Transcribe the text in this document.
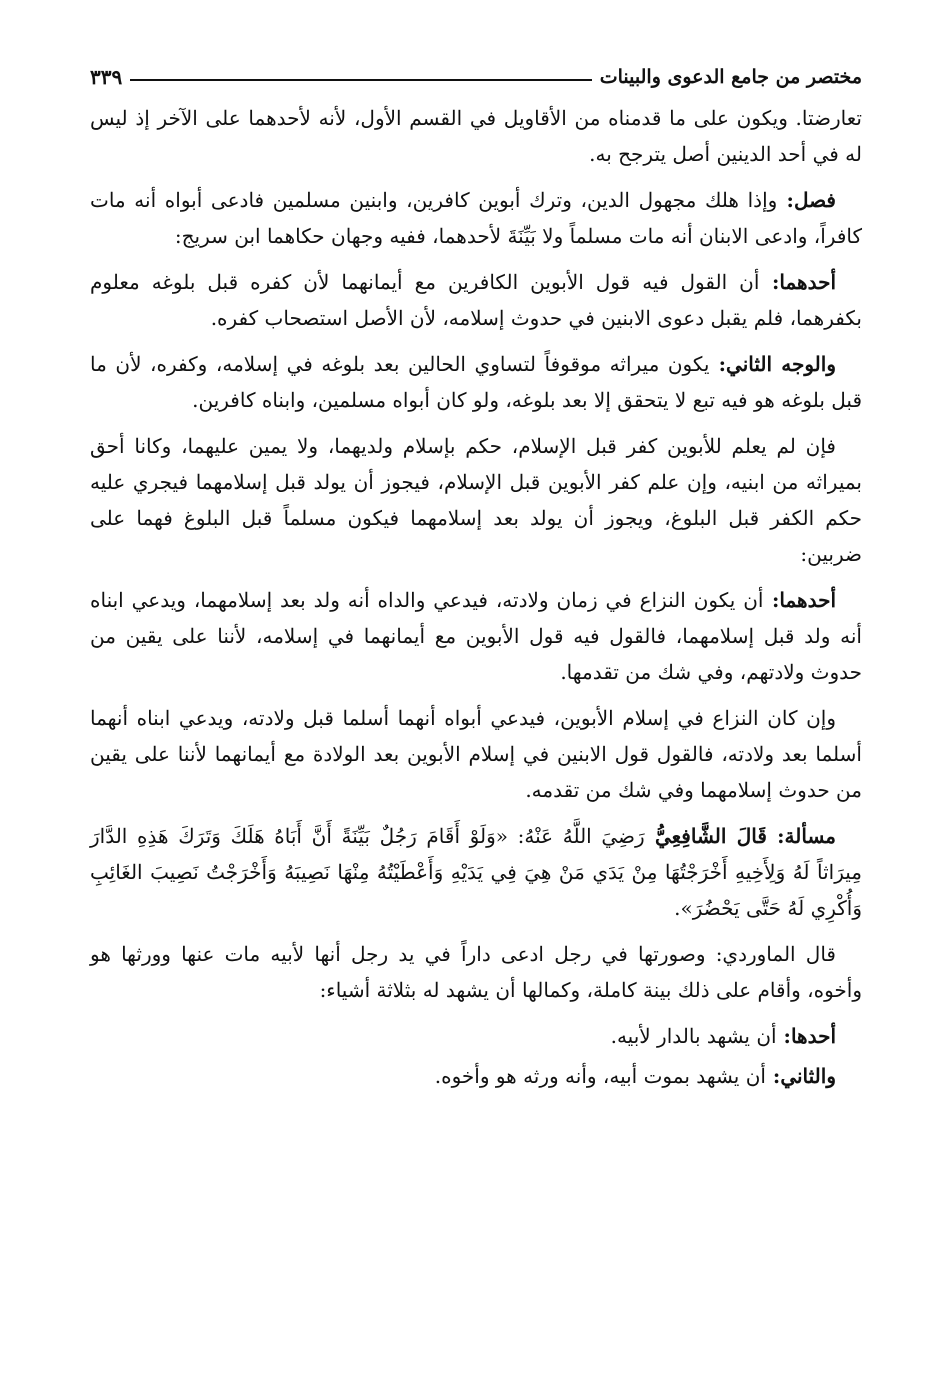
مختصر من جامع الدعوى والبينات
٣٣٩

تعارضتا. ويكون على ما قدمناه من الأقاويل في القسم الأول، لأنه لأحدهما على الآخر إذ ليس له في أحد الدينين أصل يترجح به.

فصل: وإذا هلك مجهول الدين، وترك أبوين كافرين، وابنين مسلمين فادعى أبواه أنه مات كافراً، وادعى الابنان أنه مات مسلماً ولا بَيِّنَةَ لأحدهما، ففيه وجهان حكاهما ابن سريج:

أحدهما: أن القول فيه قول الأبوين الكافرين مع أيمانهما لأن كفره قبل بلوغه معلوم بكفرهما، فلم يقبل دعوى الابنين في حدوث إسلامه، لأن الأصل استصحاب كفره.

والوجه الثاني: يكون ميراثه موقوفاً لتساوي الحالين بعد بلوغه في إسلامه، وكفره، لأن ما قبل بلوغه هو فيه تبع لا يتحقق إلا بعد بلوغه، ولو كان أبواه مسلمين، وابناه كافرين.

فإن لم يعلم للأبوين كفر قبل الإسلام، حكم بإسلام ولديهما، ولا يمين عليهما، وكانا أحق بميراثه من ابنيه، وإن علم كفر الأبوين قبل الإسلام، فيجوز أن يولد قبل إسلامهما فيجري عليه حكم الكفر قبل البلوغ، ويجوز أن يولد بعد إسلامهما فيكون مسلماً قبل البلوغ فهما على ضربين:

أحدهما: أن يكون النزاع في زمان ولادته، فيدعي والداه أنه ولد بعد إسلامهما، ويدعي ابناه أنه ولد قبل إسلامهما، فالقول فيه قول الأبوين مع أيمانهما في إسلامه، لأننا على يقين من حدوث ولادتهم، وفي شك من تقدمها.

وإن كان النزاع في إسلام الأبوين، فيدعي أبواه أنهما أسلما قبل ولادته، ويدعي ابناه أنهما أسلما بعد ولادته، فالقول قول الابنين في إسلام الأبوين بعد الولادة مع أيمانهما لأننا على يقين من حدوث إسلامهما وفي شك من تقدمه.

مسألة: قَالَ الشَّافِعِيُّ رَضِيَ اللَّهُ عَنْهُ: «وَلَوْ أَقَامَ رَجُلٌ بَيِّنَةً أَنَّ أَبَاهُ هَلَكَ وَتَرَكَ هَذِهِ الدَّارَ مِيرَاثاً لَهُ وَلِأَخِيهِ أَخْرَجْتُهَا مِنْ يَدَي مَنْ هِيَ فِي يَدَيْهِ وَأَعْطَيْتُهُ مِنْهَا نَصِيبَهُ وَأَخْرَجْتُ نَصِيبَ الغَائِبِ وَأُكْرِي لَهُ حَتَّى يَحْضُرَ».

قال الماوردي: وصورتها في رجل ادعى داراً في يد رجل أنها لأبيه مات عنها وورثها هو وأخوه، وأقام على ذلك بينة كاملة، وكمالها أن يشهد له بثلاثة أشياء:

أحدها: أن يشهد بالدار لأبيه.

والثاني: أن يشهد بموت أبيه، وأنه ورثه هو وأخوه.
